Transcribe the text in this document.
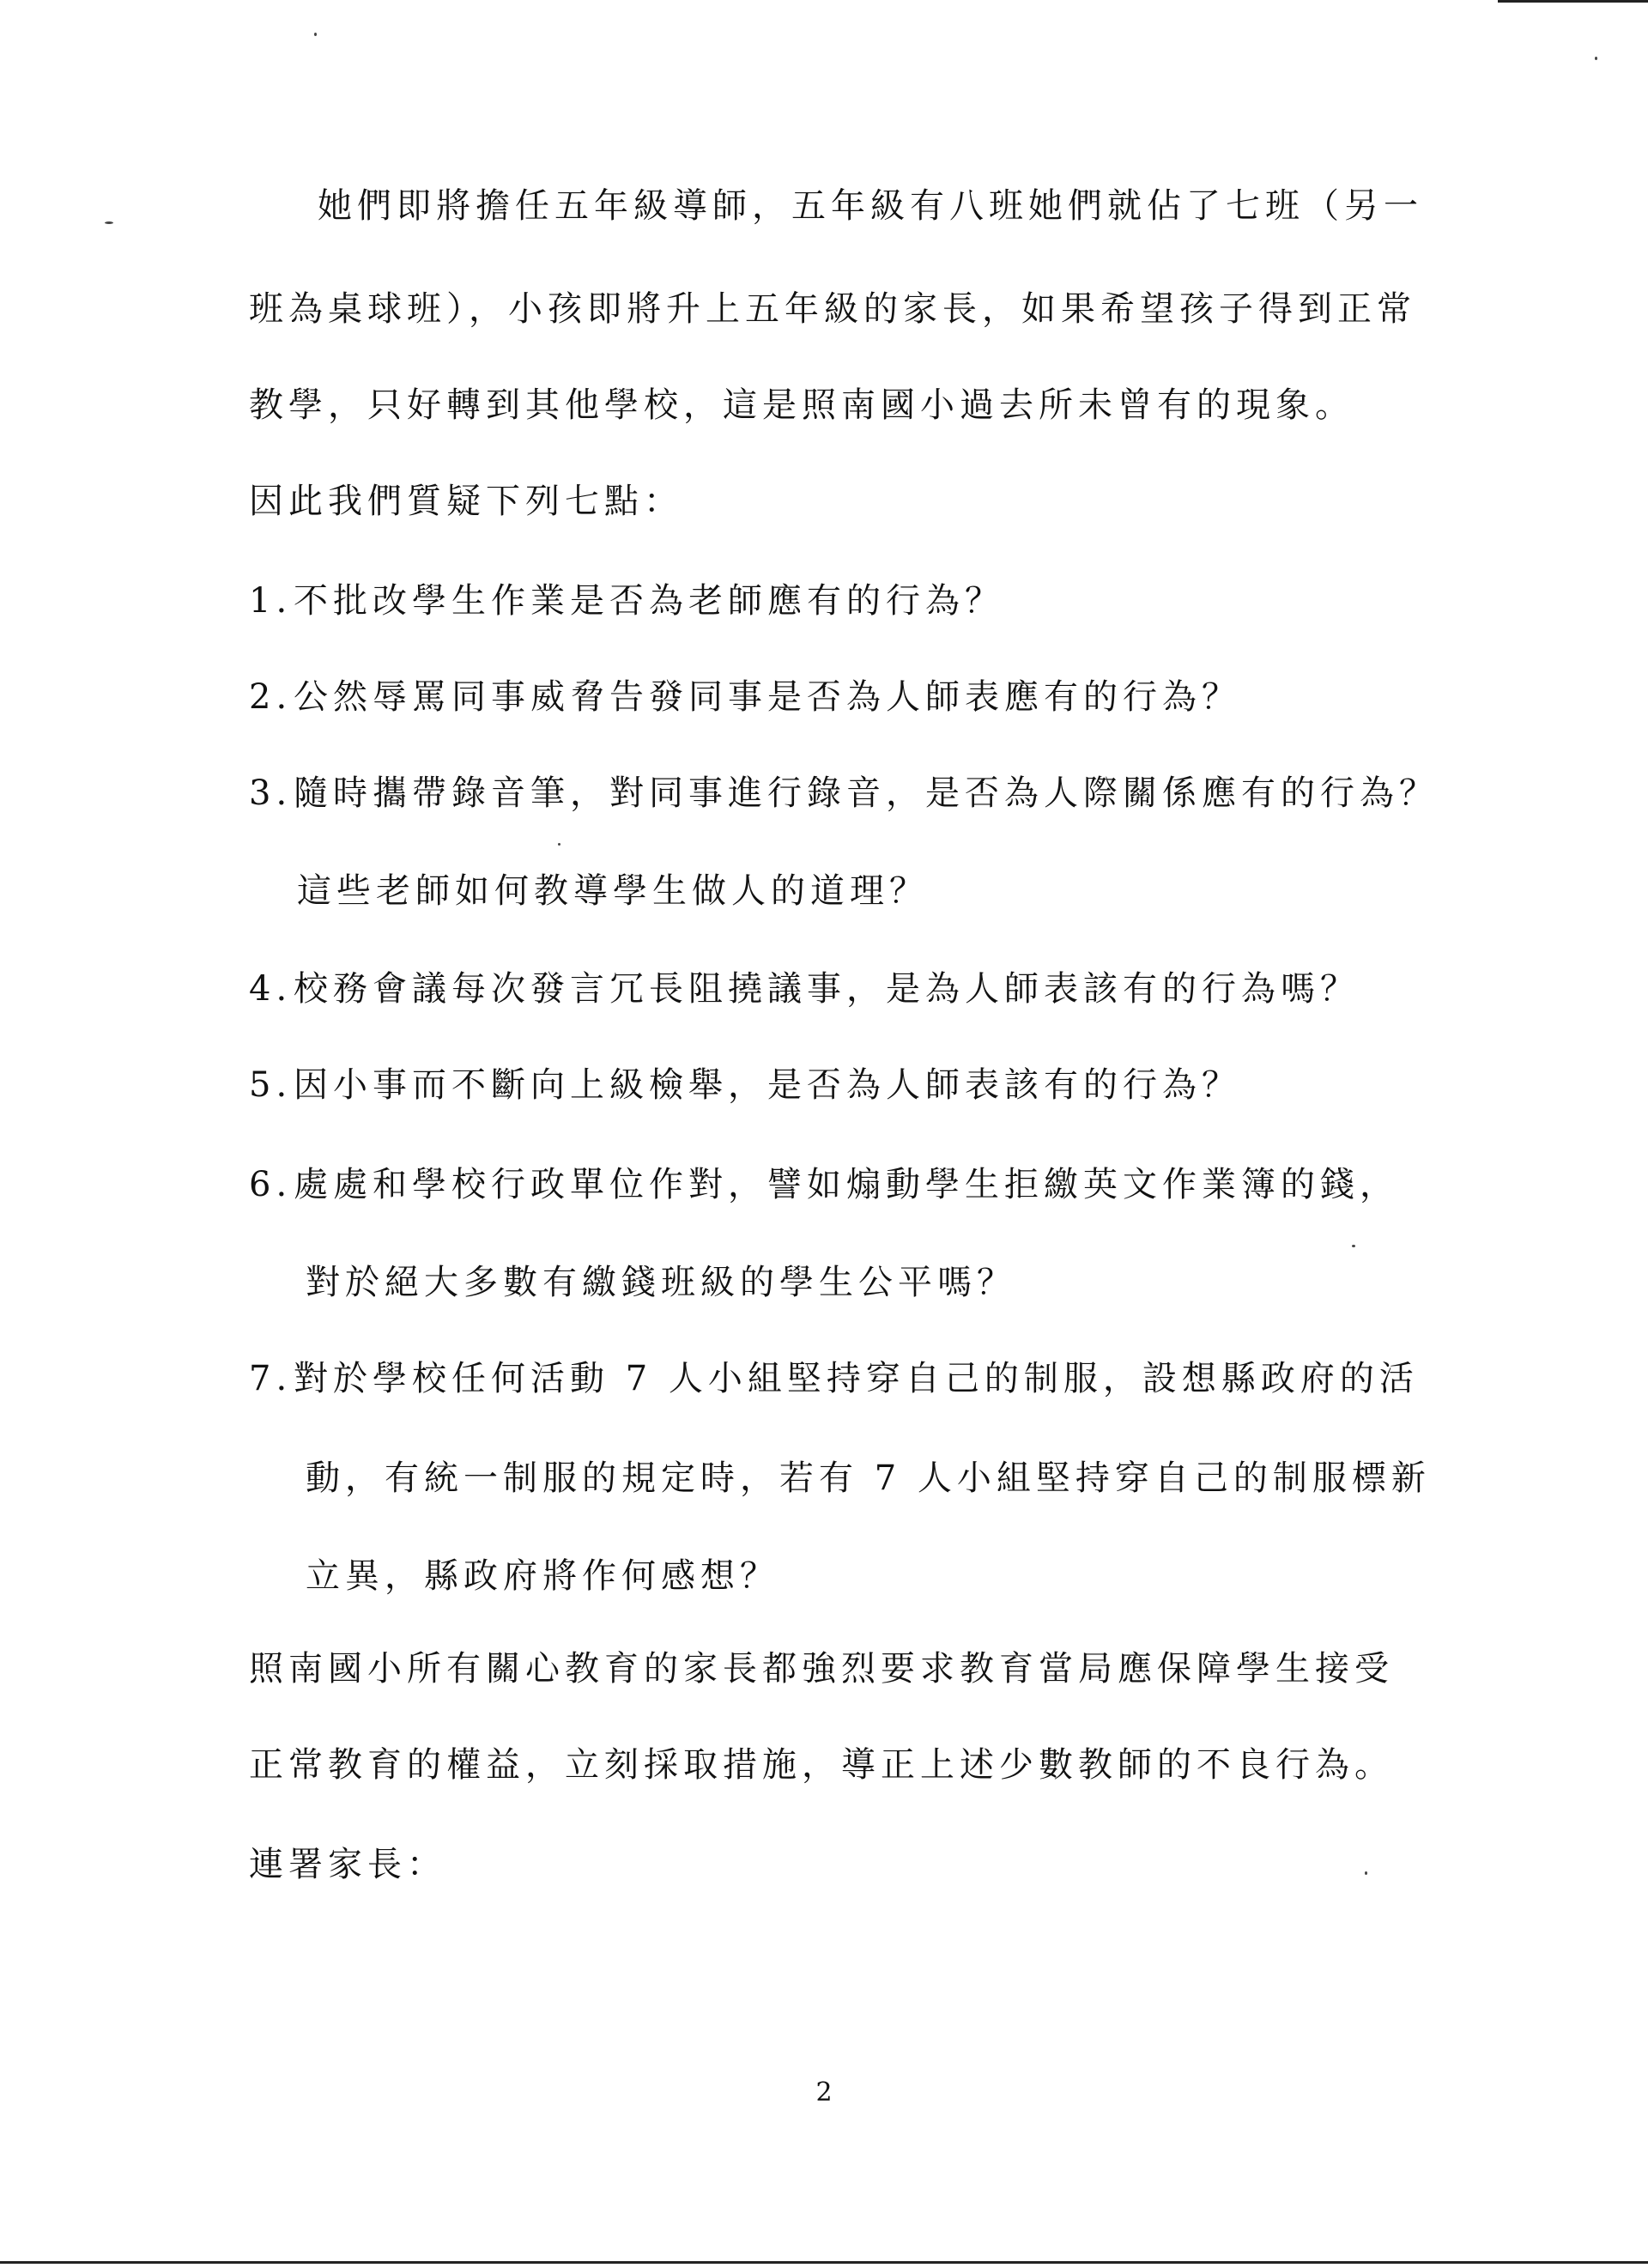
她們即將擔任五年級導師，五年級有八班她們就佔了七班（另一

班為桌球班），小孩即將升上五年級的家長，如果希望孩子得到正常

教學，只好轉到其他學校，這是照南國小過去所未曾有的現象。

因此我們質疑下列七點：

1.不批改學生作業是否為老師應有的行為？

2.公然辱罵同事威脅告發同事是否為人師表應有的行為？

3.隨時攜帶錄音筆，對同事進行錄音，是否為人際關係應有的行為？

這些老師如何教導學生做人的道理？

4.校務會議每次發言冗長阻撓議事，是為人師表該有的行為嗎？

5.因小事而不斷向上級檢舉，是否為人師表該有的行為？

6.處處和學校行政單位作對，譬如煽動學生拒繳英文作業簿的錢，

對於絕大多數有繳錢班級的學生公平嗎？

7.對於學校任何活動 7 人小組堅持穿自己的制服，設想縣政府的活

動，有統一制服的規定時，若有 7 人小組堅持穿自己的制服標新

立異，縣政府將作何感想？

照南國小所有關心教育的家長都強烈要求教育當局應保障學生接受

正常教育的權益，立刻採取措施，導正上述少數教師的不良行為。

連署家長：

2
